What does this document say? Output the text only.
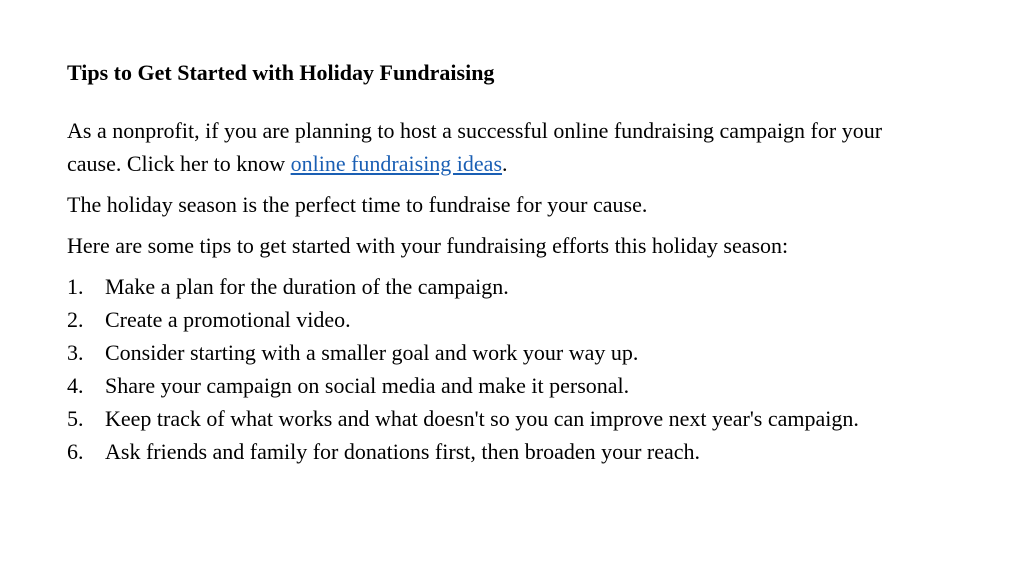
Tips to Get Started with Holiday Fundraising

As a nonprofit, if you are planning to host a successful online fundraising campaign for your cause. Click her to know online fundraising ideas.

The holiday season is the perfect time to fundraise for your cause.

Here are some tips to get started with your fundraising efforts this holiday season:

1. Make a plan for the duration of the campaign.
2. Create a promotional video.
3. Consider starting with a smaller goal and work your way up.
4. Share your campaign on social media and make it personal.
5. Keep track of what works and what doesn't so you can improve next year's campaign.
6. Ask friends and family for donations first, then broaden your reach.
